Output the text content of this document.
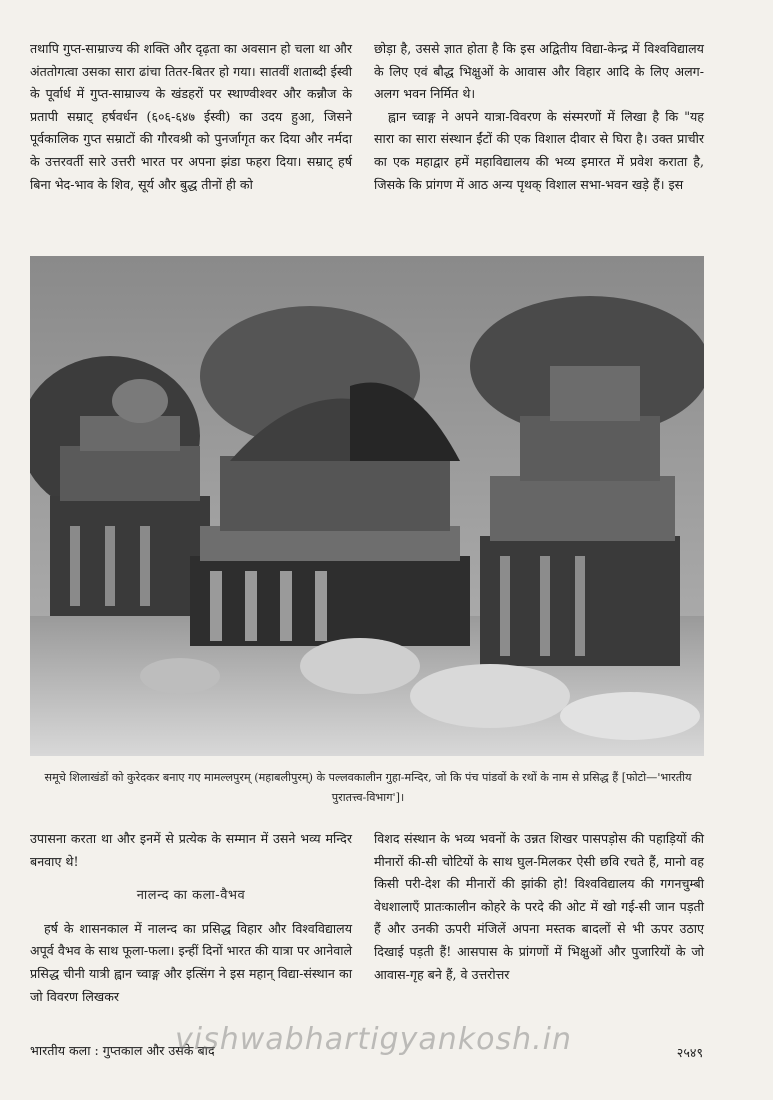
तथापि गुप्त-साम्राज्य की शक्ति और दृढ़ता का अवसान हो चला था और अंततोगत्वा उसका सारा ढांचा तितर-बितर हो गया। सातवीं शताब्दी ईस्वी के पूर्वार्ध में गुप्त-साम्राज्य के खंडहरों पर स्थाण्वीश्वर और कन्नौज के प्रतापी सम्राट् हर्षवर्धन (६०६-६४७ ईस्वी) का उदय हुआ, जिसने पूर्वकालिक गुप्त सम्राटों की गौरवश्री को पुनर्जागृत कर दिया और नर्मदा के उत्तरवर्ती सारे उत्तरी भारत पर अपना झंडा फहरा दिया। सम्राट् हर्ष बिना भेद-भाव के शिव, सूर्य और बुद्ध तीनों ही को

छोड़ा है, उससे ज्ञात होता है कि इस अद्वितीय विद्या-केन्द्र में विश्वविद्यालय के लिए एवं बौद्ध भिक्षुओं के आवास और विहार आदि के लिए अलग-अलग भवन निर्मित थे।

ह्वान च्वाङ्ग ने अपने यात्रा-विवरण के संस्मरणों में लिखा है कि "यह सारा का सारा संस्थान ईंटों की एक विशाल दीवार से घिरा है। उक्त प्राचीर का एक महाद्वार हमें महाविद्यालय की भव्य इमारत में प्रवेश कराता है, जिसके कि प्रांगण में आठ अन्य पृथक् विशाल सभा-भवन खड़े हैं। इस

समूचे शिलाखंडों को कुरेदकर बनाए गए मामल्लपुरम् (महाबलीपुरम्) के पल्लवकालीन गुहा-मन्दिर, जो कि पंच पांडवों के रथों के नाम से प्रसिद्ध हैं [फोटो—'भारतीय पुरातत्त्व-विभाग']।

उपासना करता था और इनमें से प्रत्येक के सम्मान में उसने भव्य मन्दिर बनवाए थे!

नालन्द का कला-वैभव

हर्ष के शासनकाल में नालन्द का प्रसिद्ध विहार और विश्वविद्यालय अपूर्व वैभव के साथ फूला-फला। इन्हीं दिनों भारत की यात्रा पर आनेवाले प्रसिद्ध चीनी यात्री ह्वान च्वाङ्ग और इत्सिंग ने इस महान् विद्या-संस्थान का जो विवरण लिखकर

विशद संस्थान के भव्य भवनों के उन्नत शिखर पासपड़ोस की पहाड़ियों की मीनारों की-सी चोटियों के साथ घुल-मिलकर ऐसी छवि रचते हैं, मानो वह किसी परी-देश की मीनारों की झांकी हो! विश्वविद्यालय की गगनचुम्बी वेधशालाएँ प्रातःकालीन कोहरे के परदे की ओट में खो गई-सी जान पड़ती हैं और उनकी ऊपरी मंजिलें अपना मस्तक बादलों से भी ऊपर उठाए दिखाई पड़ती हैं! आसपास के प्रांगणों में भिक्षुओं और पुजारियों के जो आवास-गृह बने हैं, वे उत्तरोत्तर

भारतीय कला : गुप्तकाल और उसके बाद
vishwabhartigyankosh.in	२५४९
